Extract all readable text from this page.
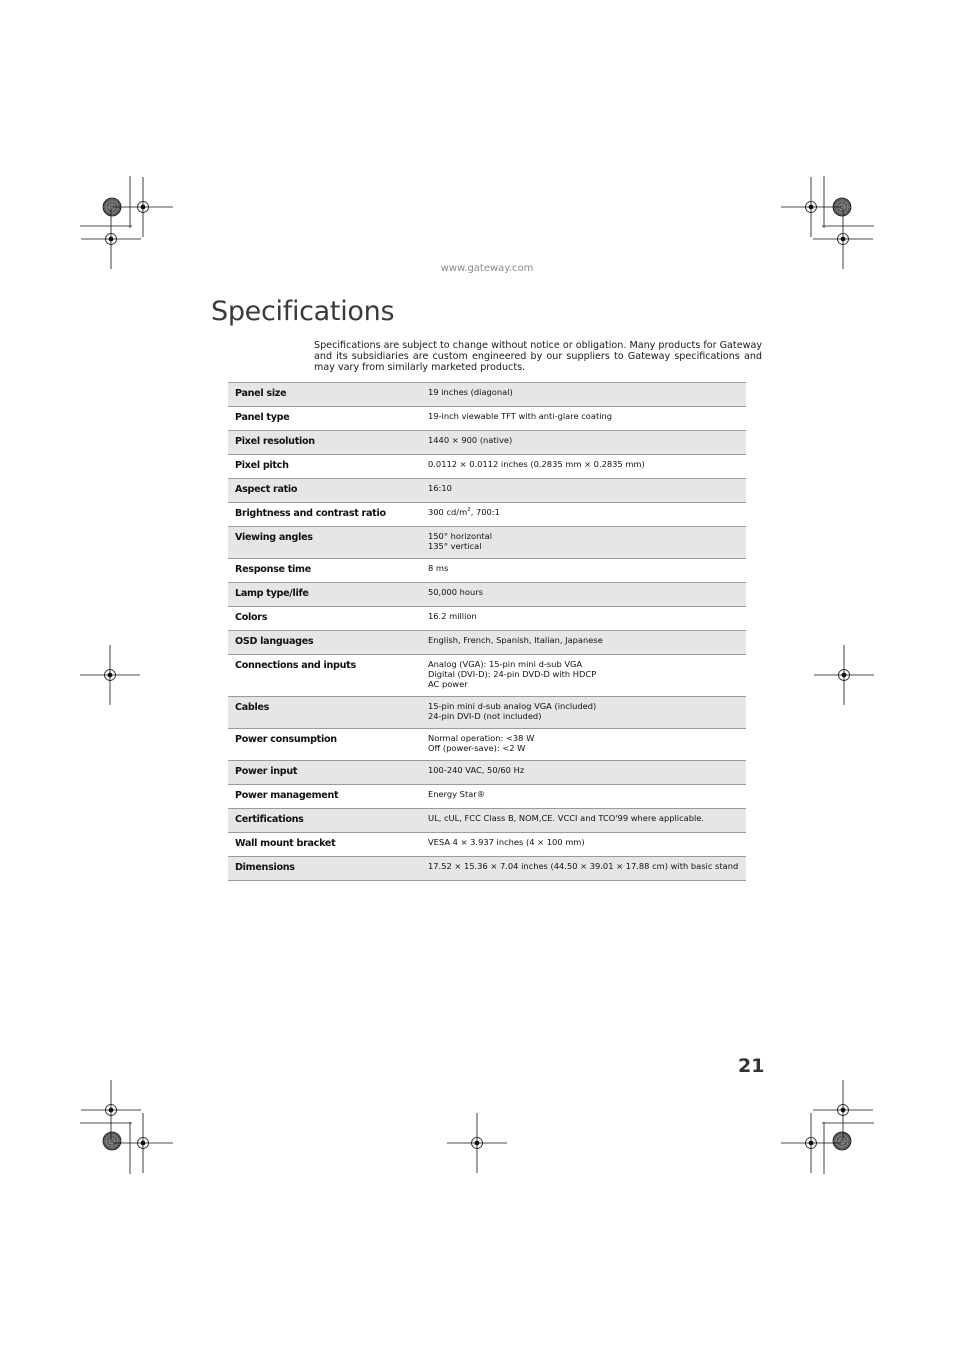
www.gateway.com
Specifications

Specifications are subject to change without notice or obligation. Many products for Gateway and its subsidiaries are custom engineered by our suppliers to Gateway specifications and may vary from similarly marketed products.

Panel size	19 inches (diagonal)

Panel type	19-inch viewable TFT with anti-glare coating

Pixel resolution	1440 × 900 (native)

Pixel pitch	0.0112 × 0.0112 inches (0.2835 mm × 0.2835 mm)

Aspect ratio	16:10

Brightness and contrast ratio	300 $cd/m^2$, 700:1

Viewing angles	150° horizontal
135° vertical

Response time	8 ms

Lamp type/life	50,000 hours

Colors	16.2 million

OSD languages	English, French, Spanish, Italian, Japanese

Connections and inputs	Analog (VGA): 15-pin mini d-sub VGA
Digital (DVI-D): 24-pin DVD-D with HDCP
AC power

Cables	15-pin mini d-sub analog VGA (included)
24-pin DVI-D (not included)

Power consumption	Normal operation: <38 W
Off (power-save): <2 W

Power input	100-240 VAC, 50/60 Hz

Power management	Energy Star®

Certifications	UL, cUL, FCC Class B, NOM,CE. VCCI and TCO'99 where applicable.

Wall mount bracket	VESA 4 × 3.937 inches (4 × 100 mm)

Dimensions	17.52 × 15.36 × 7.04 inches (44.50 × 39.01 × 17.88 cm) with basic stand
21
